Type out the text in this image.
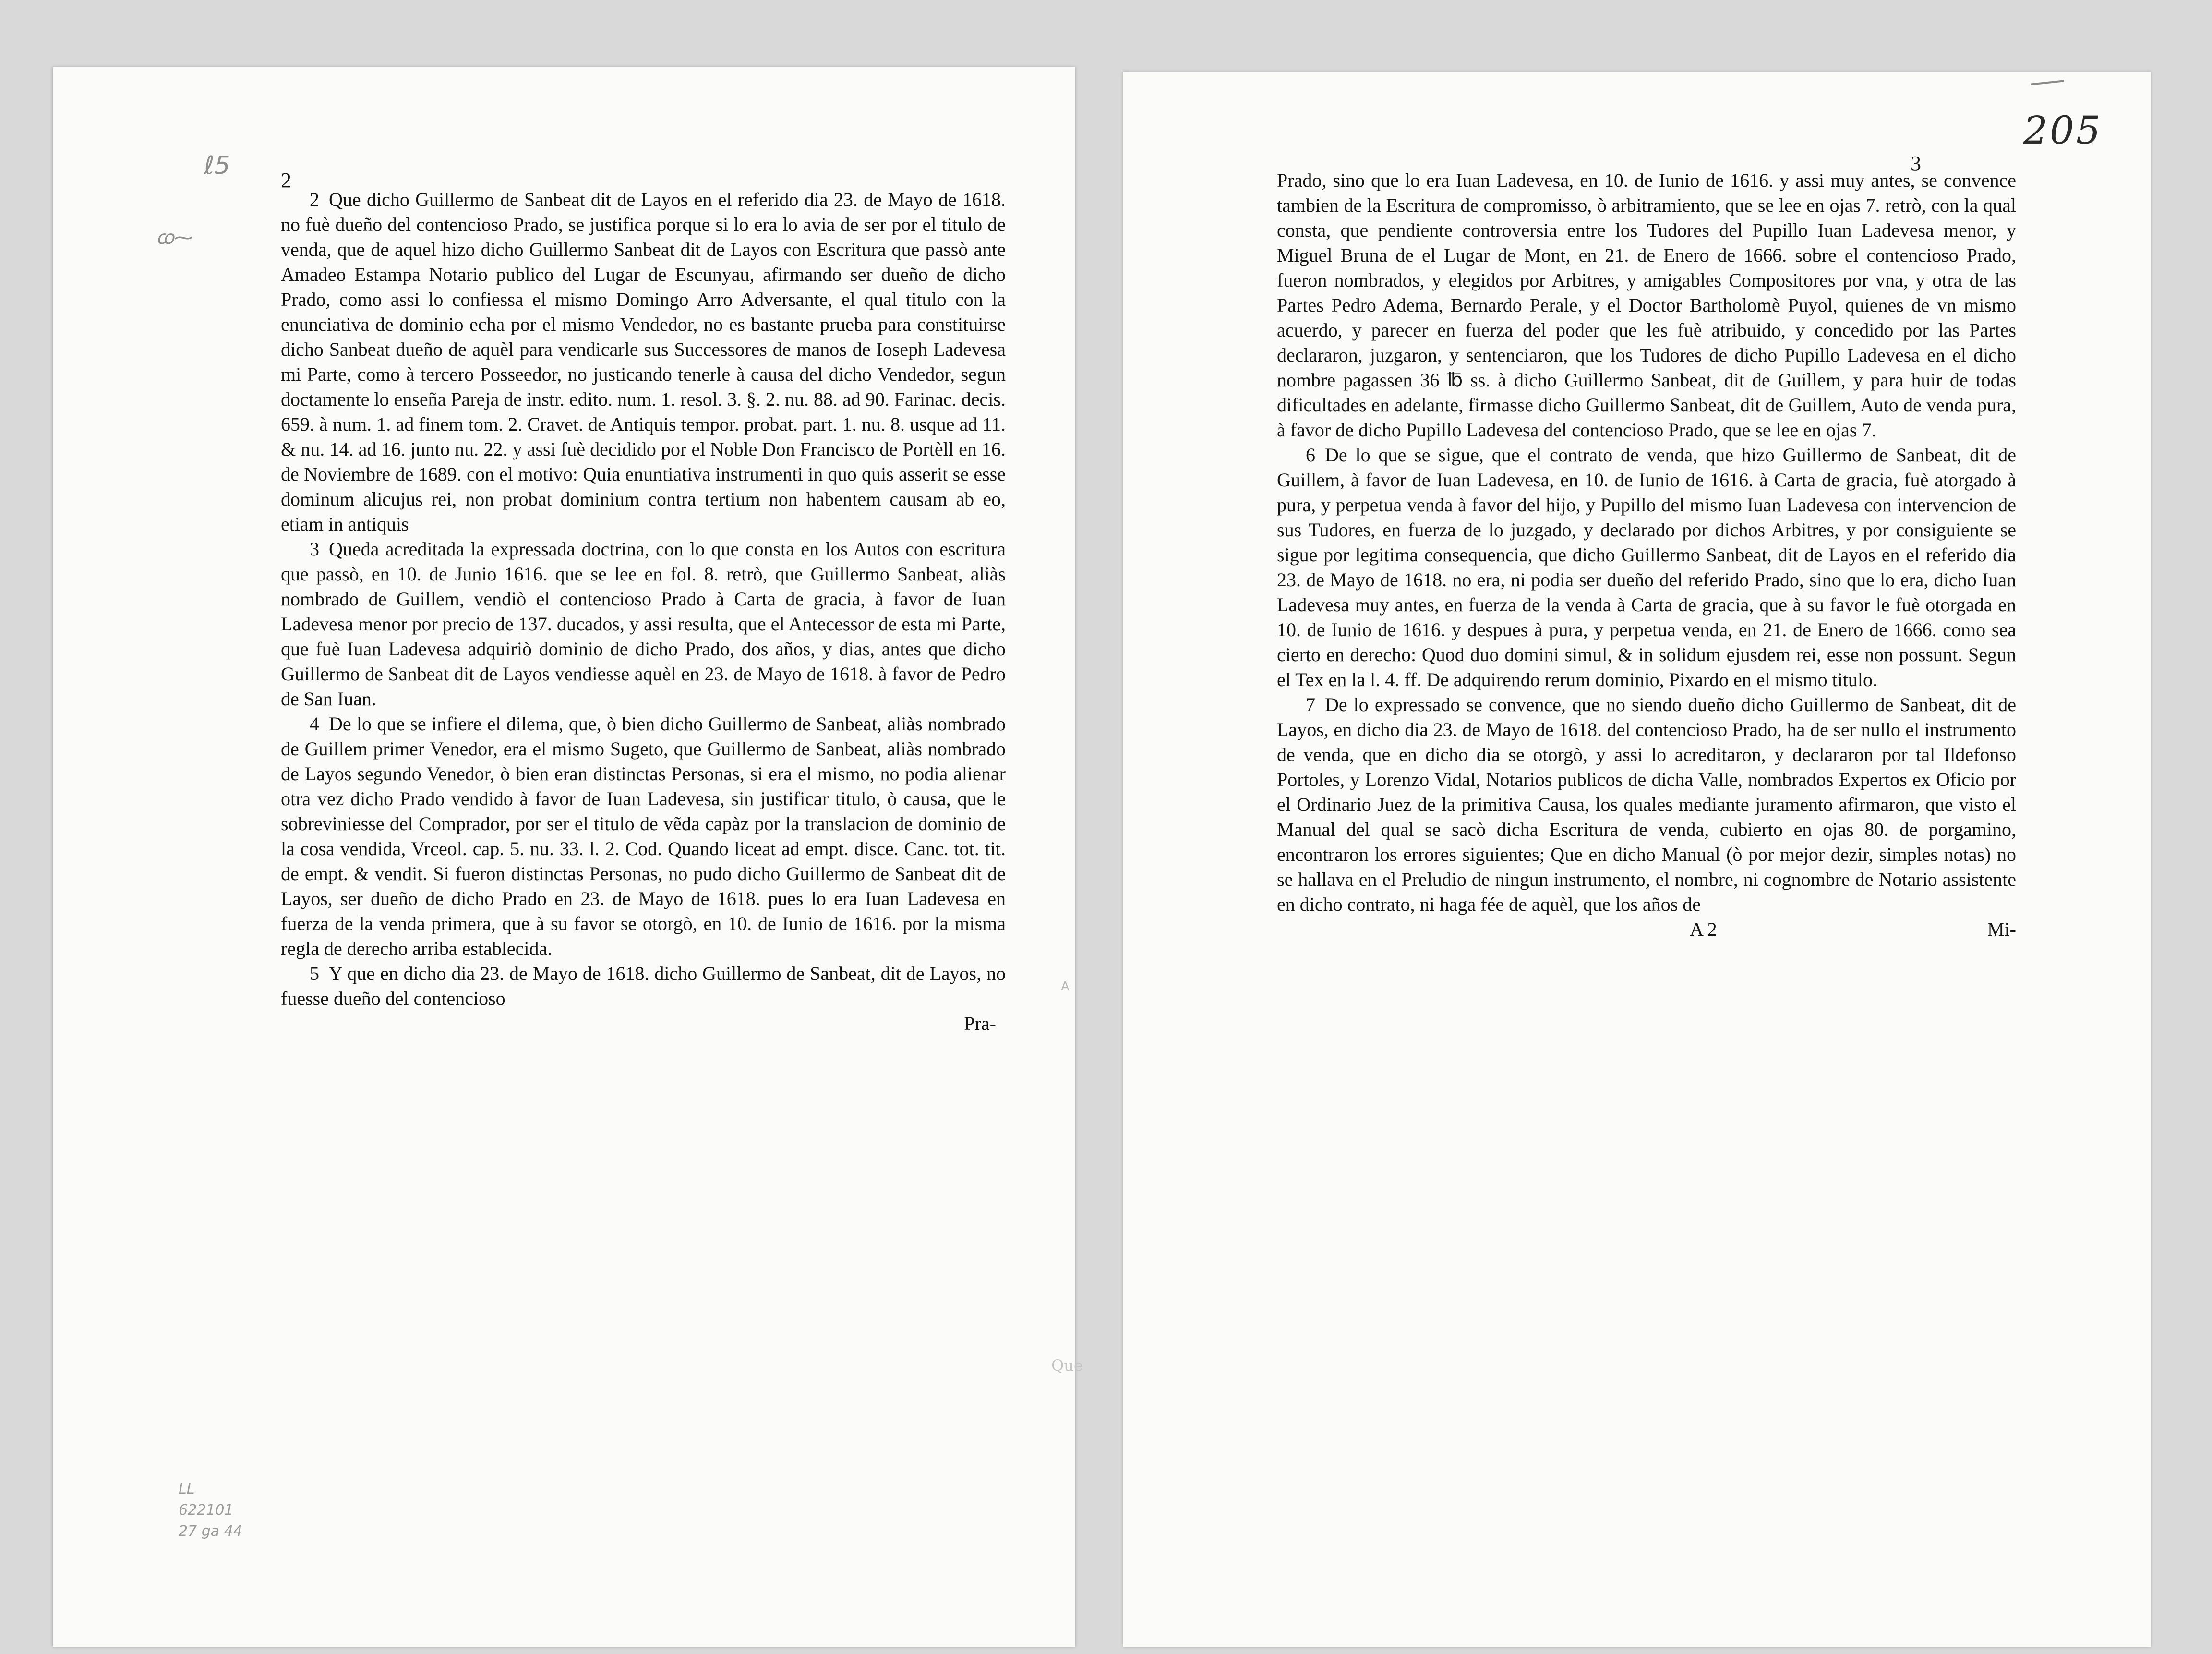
2

2 Que dicho Guillermo de Sanbeat dit de Layos en el referido dia 23. de Mayo de 1618. no fuè dueño del contencioso Prado, se justifica porque si lo era lo avia de ser por el titulo de venda, que de aquel hizo dicho Guillermo Sanbeat dit de Layos con Escritura que passò ante Amadeo Estampa Notario publico del Lugar de Escunyau, afirmando ser dueño de dicho Prado, como assi lo confiessa el mismo Domingo Arro Adversante, el qual titulo con la enunciativa de dominio echa por el mismo Vendedor, no es bastante prueba para constituirse dicho Sanbeat dueño de aquèl para vendicarle sus Successores de manos de Ioseph Ladevesa mi Parte, como à tercero Posseedor, no justicando tenerle à causa del dicho Vendedor, segun doctamente lo enseña Pareja de instr. edito. num. 1. resol. 3. §. 2. nu. 88. ad 90. Farinac. decis. 659. à num. 1. ad finem tom. 2. Cravet. de Antiquis tempor. probat. part. 1. nu. 8. usque ad 11. & nu. 14. ad 16. junto nu. 22. y assi fuè decidido por el Noble Don Francisco de Portèll en 16. de Noviembre de 1689. con el motivo: Quia enuntiativa instrumenti in quo quis asserit se esse dominum alicujus rei, non probat dominium contra tertium non habentem causam ab eo, etiam in antiquis

3 Queda acreditada la expressada doctrina, con lo que consta en los Autos con escritura que passò, en 10. de Junio 1616. que se lee en fol. 8. retrò, que Guillermo Sanbeat, aliàs nombrado de Guillem, vendiò el contencioso Prado à Carta de gracia, à favor de Iuan Ladevesa menor por precio de 137. ducados, y assi resulta, que el Antecessor de esta mi Parte, que fuè Iuan Ladevesa adquiriò dominio de dicho Prado, dos años, y dias, antes que dicho Guillermo de Sanbeat dit de Layos vendiesse aquèl en 23. de Mayo de 1618. à favor de Pedro de San Iuan.

4 De lo que se infiere el dilema, que, ò bien dicho Guillermo de Sanbeat, aliàs nombrado de Guillem primer Venedor, era el mismo Sugeto, que Guillermo de Sanbeat, aliàs nombrado de Layos segundo Venedor, ò bien eran distinctas Personas, si era el mismo, no podia alienar otra vez dicho Prado vendido à favor de Iuan Ladevesa, sin justificar titulo, ò causa, que le sobreviniesse del Comprador, por ser el titulo de vẽda capàz por la translacion de dominio de la cosa vendida, Vrceol. cap. 5. nu. 33. l. 2. Cod. Quando liceat ad empt. disce. Canc. tot. tit. de empt. & vendit. Si fueron distinctas Personas, no pudo dicho Guillermo de Sanbeat dit de Layos, ser dueño de dicho Prado en 23. de Mayo de 1618. pues lo era Iuan Ladevesa en fuerza de la venda primera, que à su favor se otorgò, en 10. de Iunio de 1616. por la misma regla de derecho arriba establecida.

5 Y que en dicho dia 23. de Mayo de 1618. dicho Guillermo de Sanbeat, dit de Layos, no fuesse dueño del contencioso

Pra-
ℓ5
ꭃ⁓
LL
622101
27 ga 44
Que
A
3

Prado, sino que lo era Iuan Ladevesa, en 10. de Iunio de 1616. y assi muy antes, se convence tambien de la Escritura de compromisso, ò arbitramiento, que se lee en ojas 7. retrò, con la qual consta, que pendiente controversia entre los Tudores del Pupillo Iuan Ladevesa menor, y Miguel Bruna de el Lugar de Mont, en 21. de Enero de 1666. sobre el contencioso Prado, fueron nombrados, y elegidos por Arbitres, y amigables Compositores por vna, y otra de las Partes Pedro Adema, Bernardo Perale, y el Doctor Bartholomè Puyol, quienes de vn mismo acuerdo, y parecer en fuerza del poder que les fuè atribuido, y concedido por las Partes declararon, juzgaron, y sentenciaron, que los Tudores de dicho Pupillo Ladevesa en el dicho nombre pagassen 36 ℔ ss. à dicho Guillermo Sanbeat, dit de Guillem, y para huir de todas dificultades en adelante, firmasse dicho Guillermo Sanbeat, dit de Guillem, Auto de venda pura, à favor de dicho Pupillo Ladevesa del contencioso Prado, que se lee en ojas 7.

6 De lo que se sigue, que el contrato de venda, que hizo Guillermo de Sanbeat, dit de Guillem, à favor de Iuan Ladevesa, en 10. de Iunio de 1616. à Carta de gracia, fuè atorgado à pura, y perpetua venda à favor del hijo, y Pupillo del mismo Iuan Ladevesa con intervencion de sus Tudores, en fuerza de lo juzgado, y declarado por dichos Arbitres, y por consiguiente se sigue por legitima consequencia, que dicho Guillermo Sanbeat, dit de Layos en el referido dia 23. de Mayo de 1618. no era, ni podia ser dueño del referido Prado, sino que lo era, dicho Iuan Ladevesa muy antes, en fuerza de la venda à Carta de gracia, que à su favor le fuè otorgada en 10. de Iunio de 1616. y despues à pura, y perpetua venda, en 21. de Enero de 1666. como sea cierto en derecho: Quod duo domini simul, & in solidum ejusdem rei, esse non possunt. Segun el Tex en la l. 4. ff. De adquirendo rerum dominio, Pixardo en el mismo titulo.

7 De lo expressado se convence, que no siendo dueño dicho Guillermo de Sanbeat, dit de Layos, en dicho dia 23. de Mayo de 1618. del contencioso Prado, ha de ser nullo el instrumento de venda, que en dicho dia se otorgò, y assi lo acreditaron, y declararon por tal Ildefonso Portoles, y Lorenzo Vidal, Notarios publicos de dicha Valle, nombrados Expertos ex Oficio por el Ordinario Juez de la primitiva Causa, los quales mediante juramento afirmaron, que visto el Manual del qual se sacò dicha Escritura de venda, cubierto en ojas 80. de porgamino, encontraron los errores siguientes; Que en dicho Manual (ò por mejor dezir, simples notas) no se hallava en el Preludio de ningun instrumento, el nombre, ni cognombre de Notario assistente en dicho contrato, ni haga fée de aquèl, que los años de

A 2	Mi-
205
